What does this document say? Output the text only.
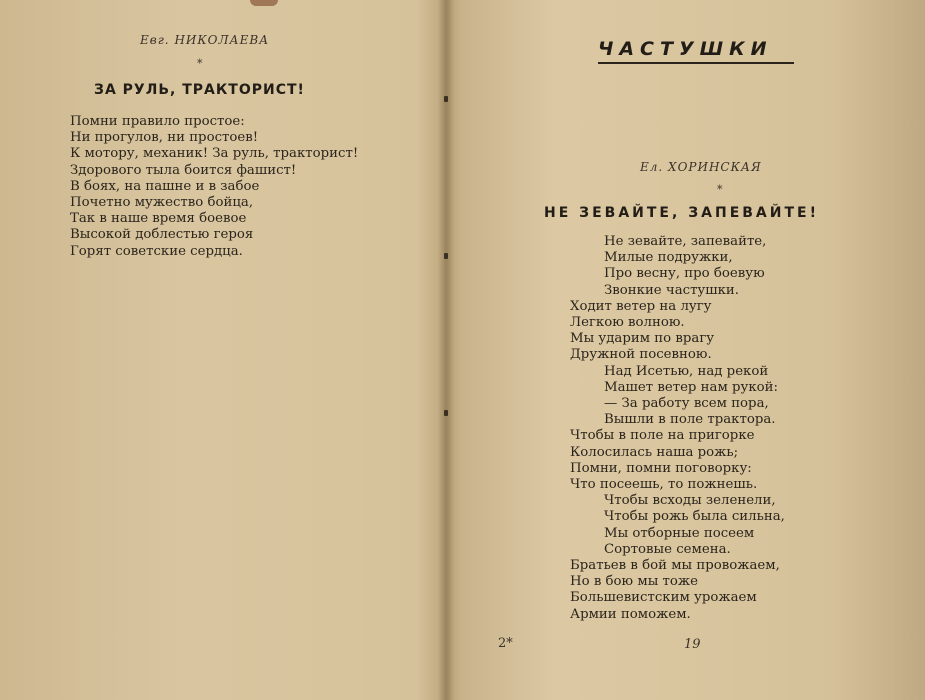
Евг. НИКОЛАЕВА
*
ЗА РУЛЬ, ТРАКТОРИСТ!
Помни правило простое:
Ни прогулов, ни простоев!
К мотору, механик! За руль, тракторист!
Здорового тыла боится фашист!
В боях, на пашне и в забое
Почетно мужество бойца,
Так в наше время боевое
Высокой доблестью героя
Горят советские сердца.
2*
ЧАСТУШКИ
Ел. ХОРИНСКАЯ
*
НЕ ЗЕВАЙТЕ, ЗАПЕВАЙТЕ!
Не зевайте, запевайте,
Милые подружки,
Про весну, про боевую
Звонкие частушки.
Ходит ветер на лугу
Легкою волною.
Мы ударим по врагу
Дружной посевною.
Над Исетью, над рекой
Машет ветер нам рукой:
— За работу всем пора,
Вышли в поле трактора.
Чтобы в поле на пригорке
Колосилась наша рожь;
Помни, помни поговорку:
Что посеешь, то пожнешь.
Чтобы всходы зеленели,
Чтобы рожь была сильна,
Мы отборные посеем
Сортовые семена.
Братьев в бой мы провожаем,
Но в бою мы тоже
Большевистским урожаем
Армии поможем.
19
